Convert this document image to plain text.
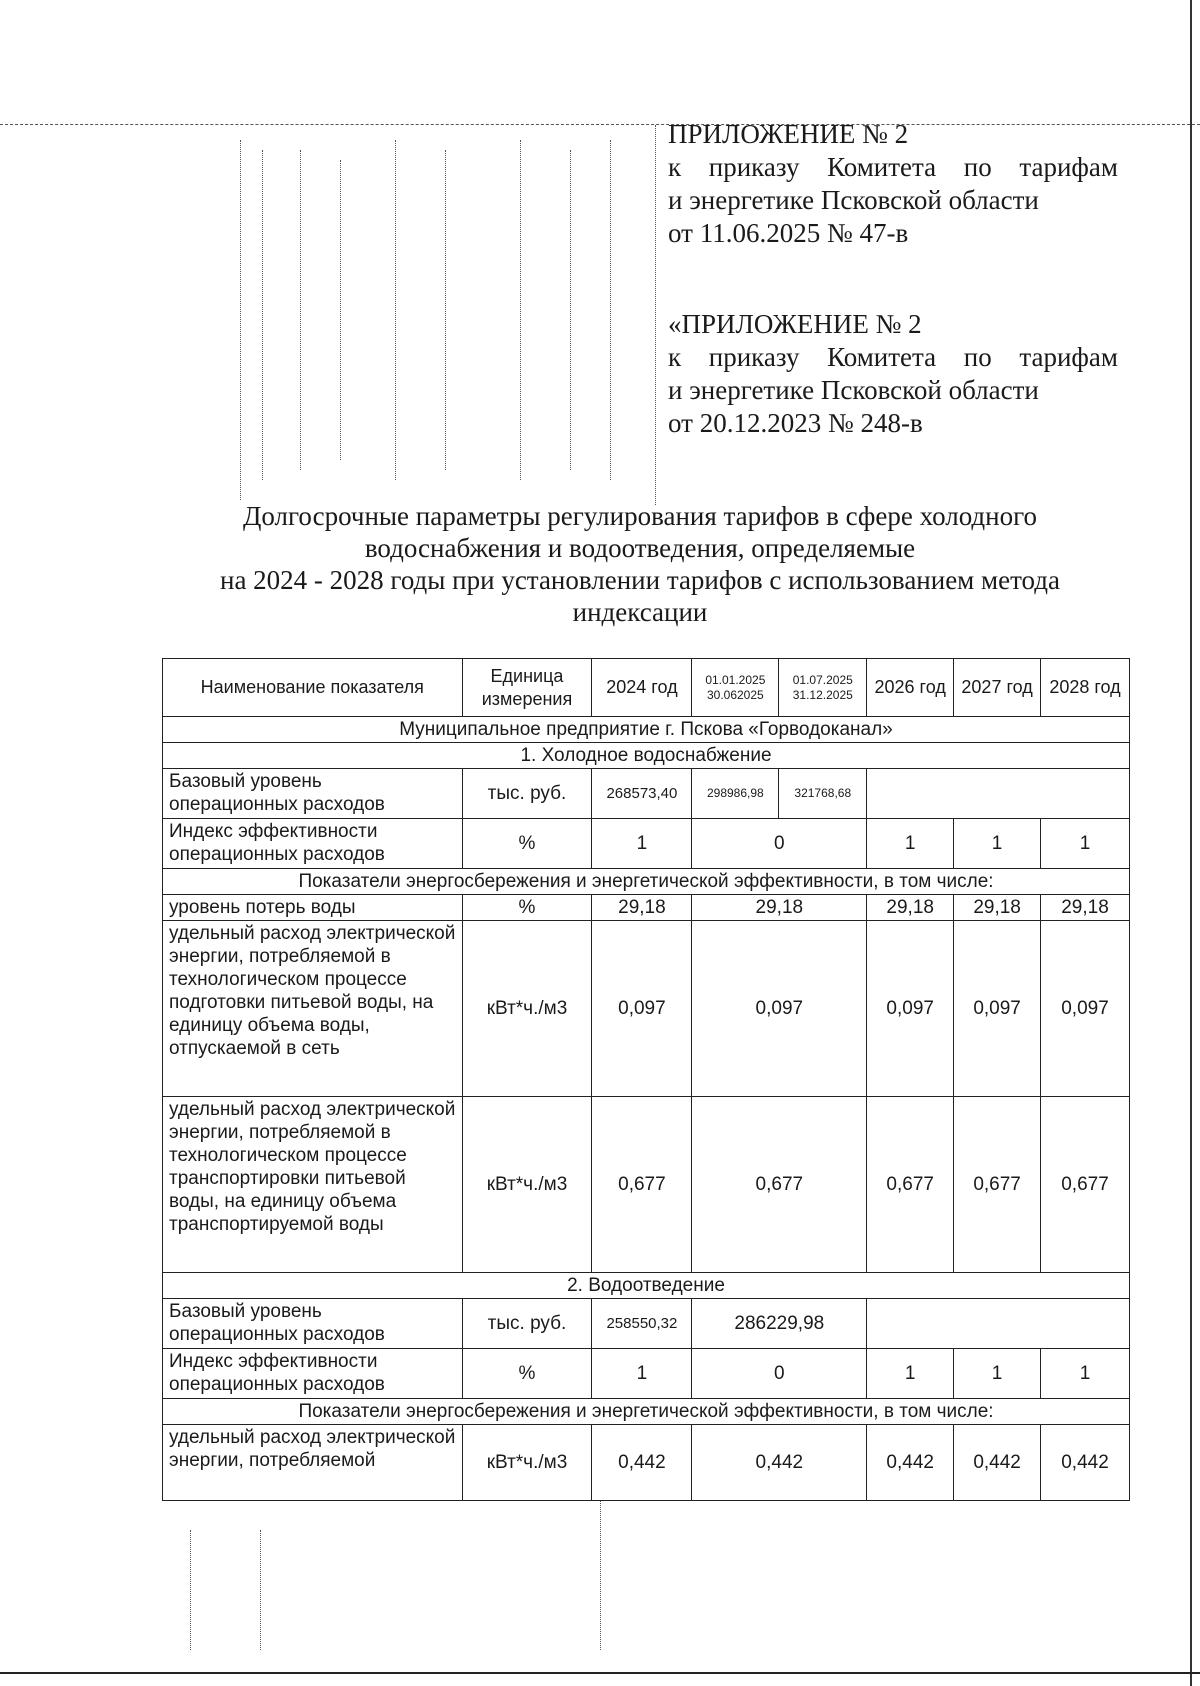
ПРИЛОЖЕНИЕ № 2
к приказу Комитета по тарифам
и энергетике Псковской области
от 11.06.2025 № 47-в
«ПРИЛОЖЕНИЕ № 2
к приказу Комитета по тарифам
и энергетике Псковской области
от 20.12.2023 № 248-в
Долгосрочные параметры регулирования тарифов в сфере холодного
водоснабжения и водоотведения, определяемые
на 2024 - 2028 годы при установлении тарифов с использованием метода
индексации
Наименование показателя	Единица измерения	2024 год	01.01.2025 30.062025	01.07.2025 31.12.2025	2026 год	2027 год	2028 год
Муниципальное предприятие г. Пскова «Горводоканал»							
1. Холодное водоснабжение							
Базовый уровень операционных расходов	тыс. руб.	268573,40	298986,98	321768,68			
Индекс эффективности операционных расходов	%	1	0		1	1	1
Показатели энергосбережения и энергетической эффективности, в том числе:							
уровень потерь воды	%	29,18	29,18		29,18	29,18	29,18
удельный расход электрической энергии, потребляемой в технологическом процессе подготовки питьевой воды, на единицу объема воды, отпускаемой в сеть	кВт*ч./м3	0,097	0,097		0,097	0,097	0,097
удельный расход электрической энергии, потребляемой в технологическом процессе транспортировки питьевой воды, на единицу объема транспортируемой воды	кВт*ч./м3	0,677	0,677		0,677	0,677	0,677
2. Водоотведение							
Базовый уровень операционных расходов	тыс. руб.	258550,32	286229,98				
Индекс эффективности операционных расходов	%	1	0		1	1	1
Показатели энергосбережения и энергетической эффективности, в том числе:							
удельный расход электрической энергии, потребляемой	кВт*ч./м3	0,442	0,442		0,442	0,442	0,442
